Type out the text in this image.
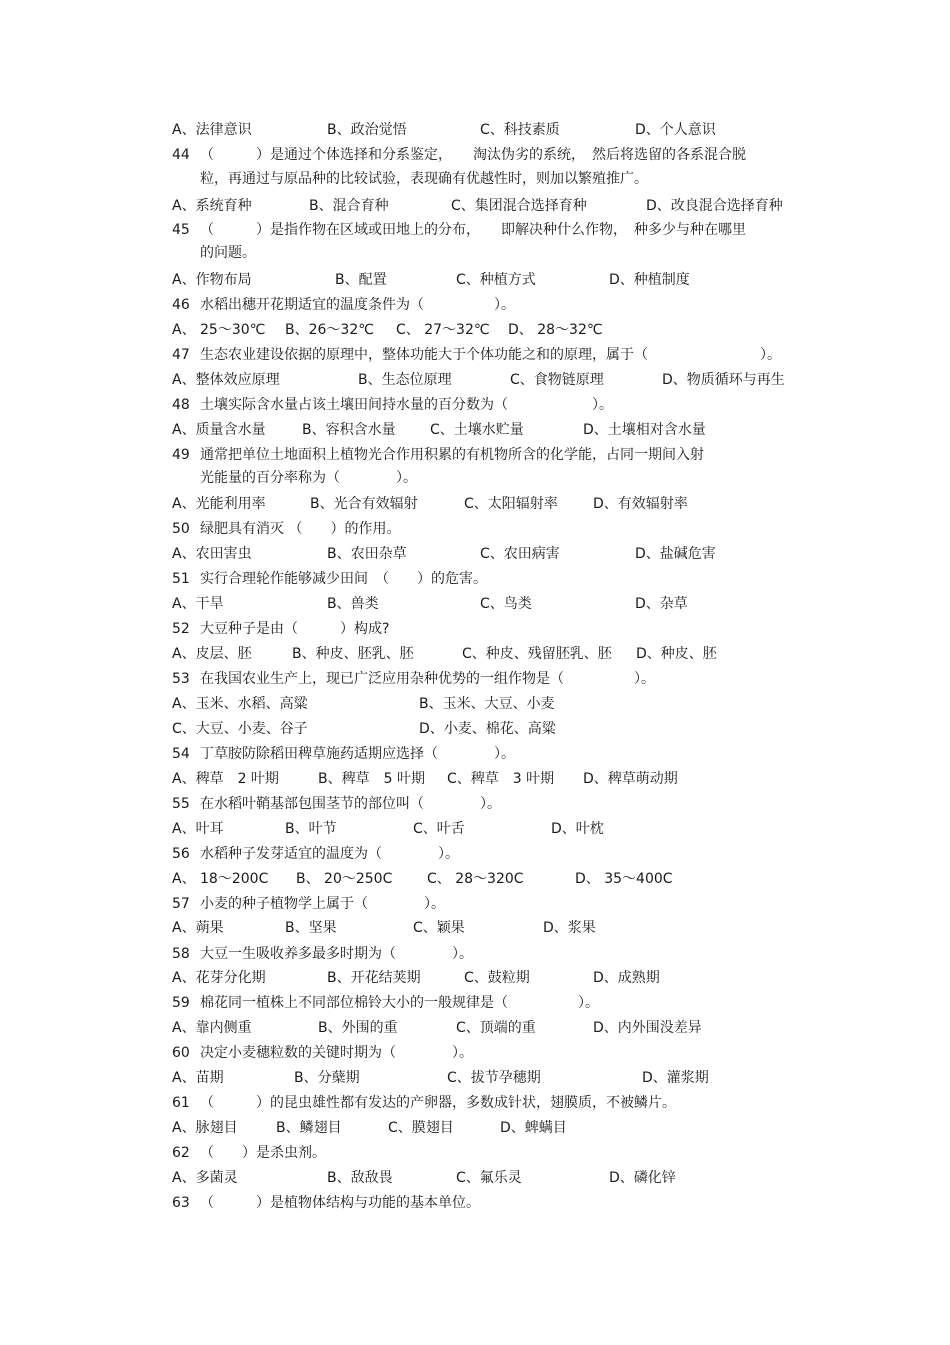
A、法律意识	B、政治觉悟	C、科技素质	D、个人意识
44 （　　　）是通过个体选择和分系鉴定，　　淘汰伪劣的系统，　然后将选留的各系混合脱
粒，再通过与原品种的比较试验，表现确有优越性时，则加以繁殖推广。
A、系统育种	B、混合育种	C、集团混合选择育种	D、改良混合选择育种
45 （　　　）是指作物在区域或田地上的分布，　　即解决种什么作物，　种多少与种在哪里
的问题。
A、作物布局	B、配置	C、种植方式	D、种植制度
46 水稻出穗开花期适宜的温度条件为（　　　　　）。
A、 25～30℃ B、26～32℃ C、 27～32℃ D、 28～32℃
47 生态农业建设依据的原理中，整体功能大于个体功能之和的原理，属于（　　　　　　　　）。
A、整体效应原理	B、生态位原理	C、食物链原理	D、物质循环与再生
48 土壤实际含水量占该土壤田间持水量的百分数为（　　　　　　）。
A、质量含水量	B、容积含水量 C、土壤水贮量	D、土壤相对含水量
49 通常把单位土地面积上植物光合作用积累的有机物所含的化学能，占同一期间入射
光能量的百分率称为（　　　　）。
A、光能利用率	B、光合有效辐射	C、太阳辐射率	D、有效辐射率
50 绿肥具有消灭 （　　）的作用。
A、农田害虫	B、农田杂草	C、农田病害	D、盐碱危害
51 实行合理轮作能够减少田间　（　　）的危害。
A、干旱	B、兽类	C、鸟类	D、杂草
52 大豆种子是由（　　　）构成?
A、皮层、胚	B、种皮、胚乳、胚	C、种皮、残留胚乳、胚 D、种皮、胚
53 在我国农业生产上，现已广泛应用杂种优势的一组作物是（　　　　　）。
A、玉米、水稻、高粱	B、玉米、大豆、小麦
C、大豆、小麦、谷子	D、小麦、棉花、高粱
54 丁草胺防除稻田稗草施药适期应选择（　　　　）。
A、稗草　2 叶期	B、稗草　5 叶期 C、稗草　3 叶期 D、稗草萌动期
55 在水稻叶鞘基部包围茎节的部位叫（　　　　）。
A、叶耳	B、叶节	C、叶舌	D、叶枕
56 水稻种子发芽适宜的温度为（　　　　）。
A、 18～200C B、 20～250C C、 28～320C	D、 35～400C
57 小麦的种子植物学上属于（　　　　）。
A、蒴果	B、坚果	C、颖果	D、浆果
58 大豆一生吸收养多最多时期为（　　　　）。
A、花芽分化期	B、开花结荚期	C、鼓粒期	D、成熟期
59 棉花同一植株上不同部位棉铃大小的一般规律是（　　　　　）。
A、靠内侧重	B、外围的重	C、顶端的重	D、内外围没差异
60 决定小麦穗粒数的关键时期为（　　　　）。
A、苗期	B、分蘖期	C、拔节孕穗期	D、灌浆期
61 （　　　）的昆虫雄性都有发达的产卵器，多数成针状，翅膜质，不被鳞片。
A、脉翅目	B、鳞翅目	C、膜翅目	D、蜱螨目
62 （　　）是杀虫剂。
A、多菌灵	B、敌敌畏	C、氟乐灵	D、磷化锌
63 （　　　）是植物体结构与功能的基本单位。
